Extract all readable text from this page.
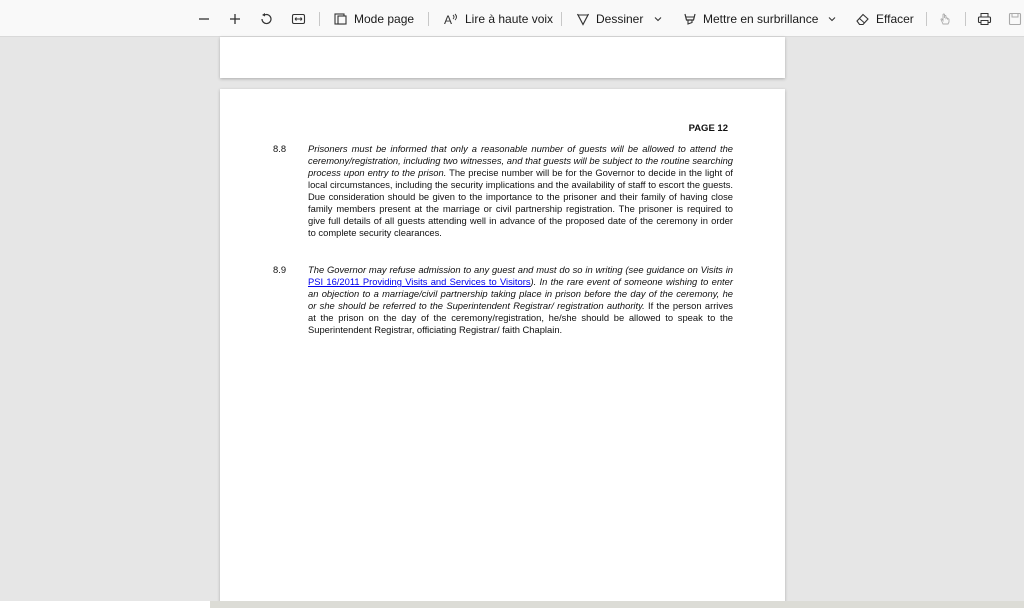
Mode page A Lire à haute voix	Dessiner	Mettre en surbrillance	Effacer
PAGE 12
8.8 Prisoners must be informed that only a reasonable number of guests will be allowed to attend the ceremony/registration, including two witnesses, and that guests will be subject to the routine searching process upon entry to the prison. The precise number will be for the Governor to decide in the light of local circumstances, including the security implications and the availability of staff to escort the guests. Due consideration should be given to the importance to the prisoner and their family of having close family members present at the marriage or civil partnership registration. The prisoner is required to give full details of all guests attending well in advance of the proposed date of the ceremony in order to complete security clearances.
8.9 The Governor may refuse admission to any guest and must do so in writing (see guidance on Visits in PSI 16/2011 Providing Visits and Services to Visitors). In the rare event of someone wishing to enter an objection to a marriage/civil partnership taking place in prison before the day of the ceremony, he or she should be referred to the Superintendent Registrar/ registration authority. If the person arrives at the prison on the day of the ceremony/registration, he/she should be allowed to speak to the Superintendent Registrar, officiating Registrar/ faith Chaplain.
